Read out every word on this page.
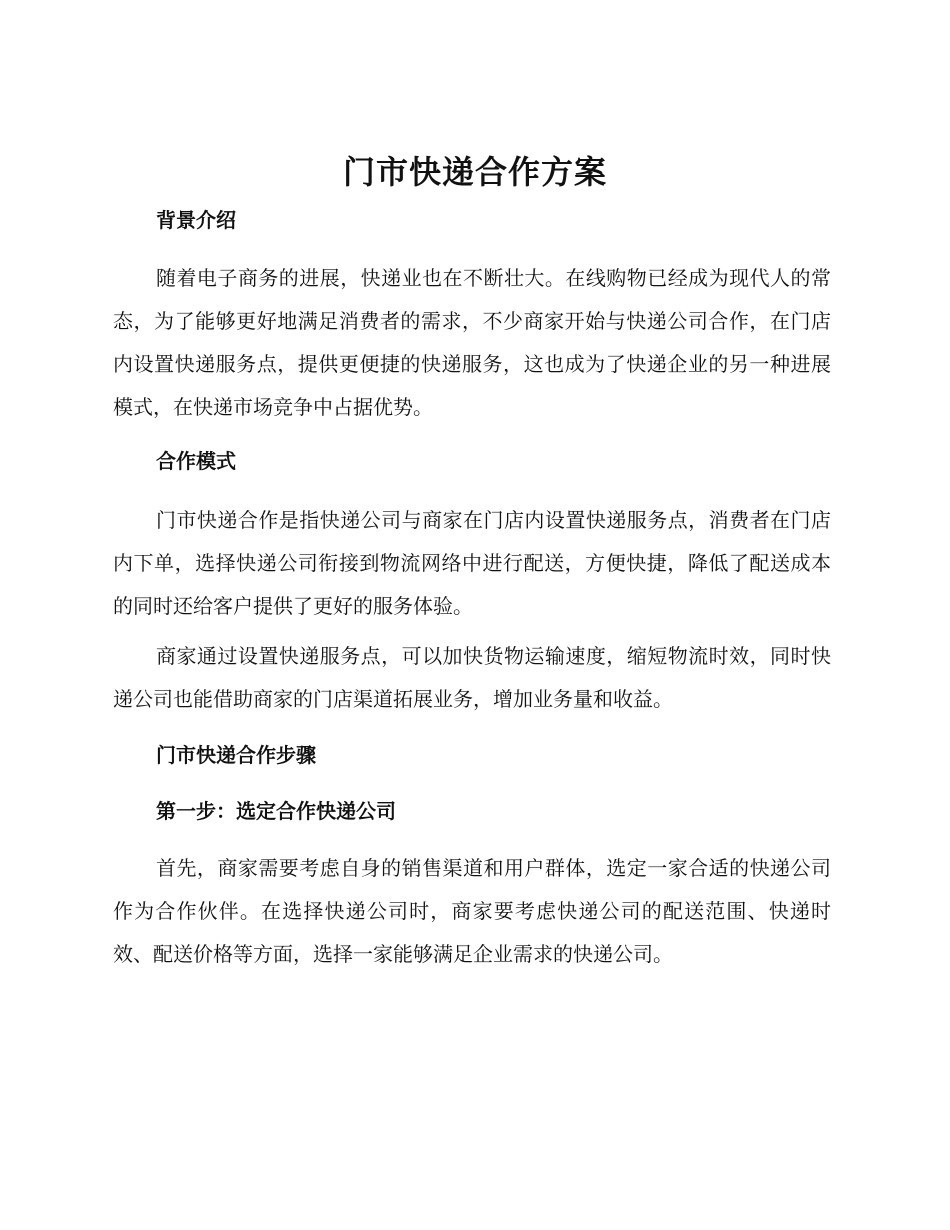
门市快递合作方案

背景介绍

随着电子商务的进展，快递业也在不断壮大。在线购物已经成为现代人的常态，为了能够更好地满足消费者的需求，不少商家开始与快递公司合作，在门店内设置快递服务点，提供更便捷的快递服务，这也成为了快递企业的另一种进展模式，在快递市场竞争中占据优势。

合作模式

门市快递合作是指快递公司与商家在门店内设置快递服务点，消费者在门店内下单，选择快递公司衔接到物流网络中进行配送，方便快捷，降低了配送成本的同时还给客户提供了更好的服务体验。

商家通过设置快递服务点，可以加快货物运输速度，缩短物流时效，同时快递公司也能借助商家的门店渠道拓展业务，增加业务量和收益。

门市快递合作步骤

第一步：选定合作快递公司

首先，商家需要考虑自身的销售渠道和用户群体，选定一家合适的快递公司作为合作伙伴。在选择快递公司时，商家要考虑快递公司的配送范围、快递时效、配送价格等方面，选择一家能够满足企业需求的快递公司。
